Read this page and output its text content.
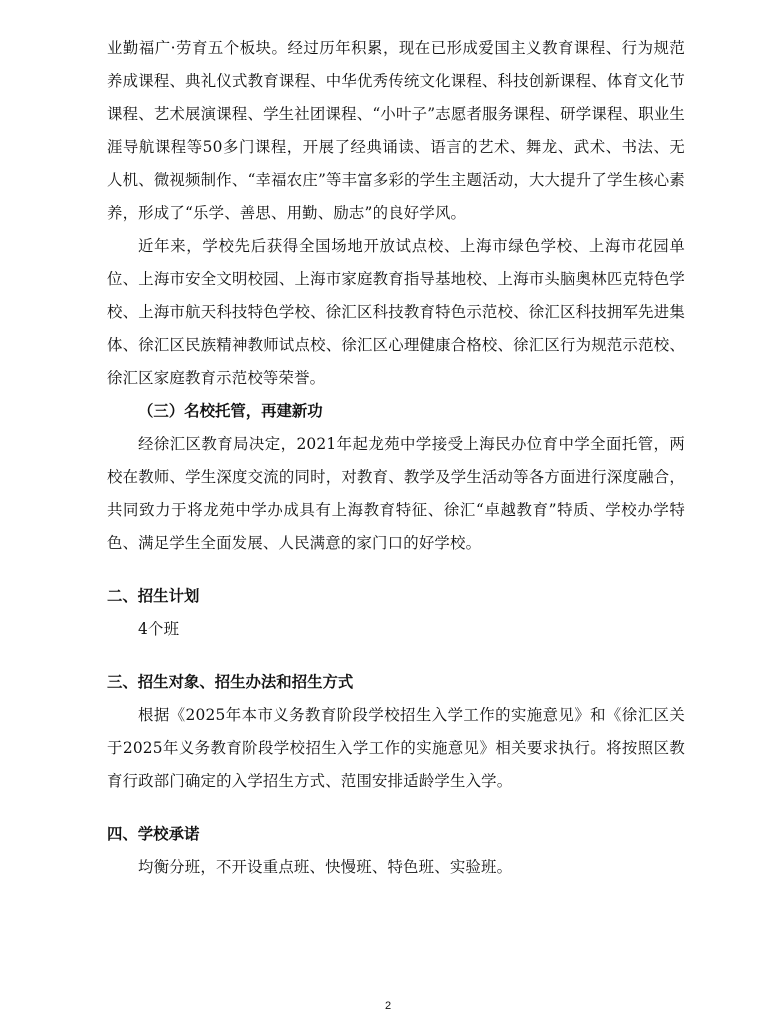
业勤福广·劳育五个板块。经过历年积累，现在已形成爱国主义教育课程、行为规范养成课程、典礼仪式教育课程、中华优秀传统文化课程、科技创新课程、体育文化节课程、艺术展演课程、学生社团课程、“小叶子”志愿者服务课程、研学课程、职业生涯导航课程等50多门课程，开展了经典诵读、语言的艺术、舞龙、武术、书法、无人机、微视频制作、“幸福农庄”等丰富多彩的学生主题活动，大大提升了学生核心素养，形成了“乐学、善思、用勤、励志”的良好学风。

近年来，学校先后获得全国场地开放试点校、上海市绿色学校、上海市花园单位、上海市安全文明校园、上海市家庭教育指导基地校、上海市头脑奥林匹克特色学校、上海市航天科技特色学校、徐汇区科技教育特色示范校、徐汇区科技拥军先进集体、徐汇区民族精神教师试点校、徐汇区心理健康合格校、徐汇区行为规范示范校、徐汇区家庭教育示范校等荣誉。

（三）名校托管，再建新功

经徐汇区教育局决定，2021年起龙苑中学接受上海民办位育中学全面托管，两校在教师、学生深度交流的同时，对教育、教学及学生活动等各方面进行深度融合，共同致力于将龙苑中学办成具有上海教育特征、徐汇“卓越教育”特质、学校办学特色、满足学生全面发展、人民满意的家门口的好学校。

二、招生计划

4个班

三、招生对象、招生办法和招生方式

根据《2025年本市义务教育阶段学校招生入学工作的实施意见》和《徐汇区关于2025年义务教育阶段学校招生入学工作的实施意见》相关要求执行。将按照区教育行政部门确定的入学招生方式、范围安排适龄学生入学。

四、学校承诺

均衡分班，不开设重点班、快慢班、特色班、实验班。

2
